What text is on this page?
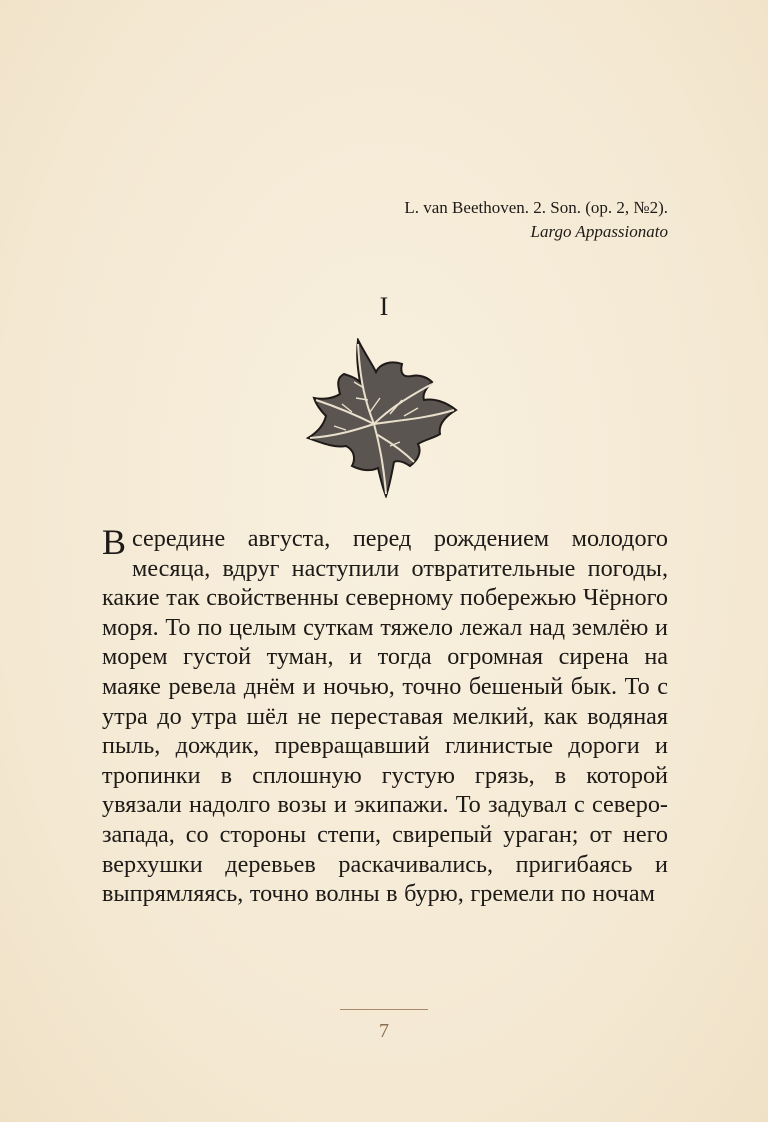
L. van Beethoven. 2. Son. (op. 2, №2).
Largo Appassionato
I
В середине августа, перед рождением молодого месяца, вдруг наступили отвратительные погоды, какие так свойственны северному побережью Чёрного моря. То по целым суткам тяжело лежал над землёю и морем густой туман, и тогда огромная сирена на маяке ревела днём и ночью, точно бешеный бык. То с утра до утра шёл не переставая мелкий, как водяная пыль, дождик, превращавший глинистые дороги и тропинки в сплошную густую грязь, в которой увязали надолго возы и экипажи. То задувал с северо-запада, со стороны степи, свирепый ураган; от него верхушки деревьев раскачивались, пригибаясь и выпрямляясь, точно волны в бурю, гремели по ночам
7
